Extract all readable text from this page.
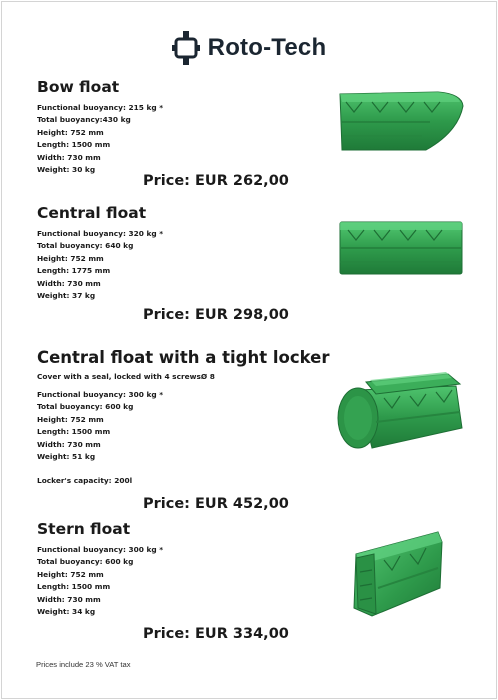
Roto-Tech
Bow float
Functional buoyancy: 215 kg *
Total buoyancy:430 kg
Height: 752 mm
Length: 1500 mm
Width: 730 mm
Weight: 30 kg
Price: EUR 262,00
Central float
Functional buoyancy: 320 kg *
Total buoyancy: 640 kg
Height: 752 mm
Length: 1775 mm
Width: 730 mm
Weight: 37 kg
Price: EUR 298,00
Central float with a tight locker
Cover with a seal, locked with 4 screwsØ 8
Functional buoyancy: 300 kg *
Total buoyancy: 600 kg
Height: 752 mm
Length: 1500 mm
Width: 730 mm
Weight: 51 kg
Locker's capacity: 200l
Price: EUR 452,00
Stern float
Functional buoyancy: 300 kg *
Total buoyancy: 600 kg
Height: 752 mm
Length: 1500 mm
Width: 730 mm
Weight: 34 kg
Price: EUR 334,00
Prices include 23 % VAT tax
